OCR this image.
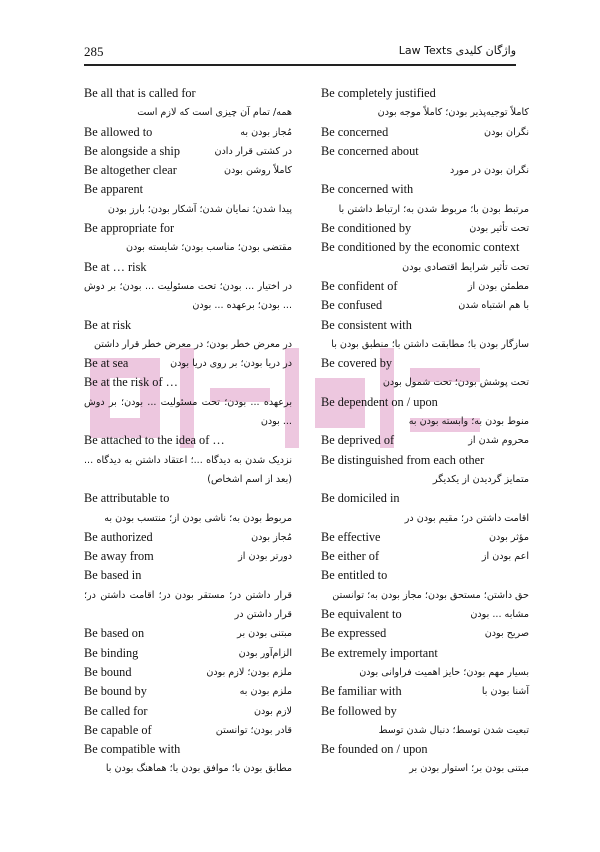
285	واژگان کلیدی Law Texts
Be all that is called for
همه/ تمام آن چیزی است که لازم است
Be allowed to	مُجاز بودن به
Be alongside a ship	در کشتی قرار دادن
Be altogether clear	کاملاً روشن بودن
Be apparent
پیدا شدن؛ نمایان شدن؛ آشکار بودن؛ بارز بودن
Be appropriate for
مقتضی بودن؛ مناسب بودن؛ شایسته بودن
Be at … risk
در اختیار ... بودن؛ تحت مسئولیت ... بودن؛ بر دوش ... بودن؛ برعهده ... بودن
Be at risk
در معرض خطر بودن؛ در معرض خطر قرار داشتن
Be at sea	در دریا بودن؛ بر روی دریا بودن
Be at the risk of …
برعهده ... بودن؛ تحت مسئولیت ... بودن؛ بر دوش ... بودن
Be attached to the idea of …
نزدیک شدن به دیدگاه ...؛ اعتقاد داشتن به دیدگاه ... (بعد از اسم اشخاص)
Be attributable to
مربوط بودن به؛ ناشی بودن از؛ منتسب بودن به
Be authorized	مُجاز بودن
Be away from	دورتر بودن از
Be based in
قرار داشتن در؛ مستقر بودن در؛ اقامت داشتن در؛ قرار داشتن در
Be based on	مبتنی بودن بر
Be binding	الزام‌آور بودن
Be bound	ملزم بودن؛ لازم بودن
Be bound by	ملزم بودن به
Be called for	لازم بودن
Be capable of	قادر بودن؛ توانستن
Be compatible with
مطابق بودن با؛ موافق بودن با؛ هماهنگ بودن با
Be completely justified
کاملاً توجیه‌پذیر بودن؛ کاملاً موجه بودن
Be concerned	نگران بودن
Be concerned about
نگران بودن در مورد
Be concerned with
مرتبط بودن با؛ مربوط شدن به؛ ارتباط داشتن با
Be conditioned by	تحت تأثیر بودن
Be conditioned by the economic context
تحت تأثیر شرایط اقتصادی بودن
Be confident of	مطمئن بودن از
Be confused	با هم اشتباه شدن
Be consistent with
سازگار بودن با؛ مطابقت داشتن با؛ منطبق بودن با
Be covered by
تحت پوشش بودن؛ تحت شمول بودن
Be dependent on / upon
منوط بودن به؛ وابسته بودن به
Be deprived of	محروم شدن از
Be distinguished from each other
متمایز گردیدن از یکدیگر
Be domiciled in
اقامت داشتن در؛ مقیم بودن در
Be effective	مؤثر بودن
Be either of	اعم بودن از
Be entitled to
حق داشتن؛ مستحق بودن؛ مجاز بودن به؛ توانستن
Be equivalent to	مشابه ... بودن
Be expressed	صریح بودن
Be extremely important
بسیار مهم بودن؛ حایز اهمیت فراوانی بودن
Be familiar with	آشنا بودن با
Be followed by
تبعیت شدن توسط؛ دنبال شدن توسط
Be founded on / upon
مبتنی بودن بر؛ استوار بودن بر
